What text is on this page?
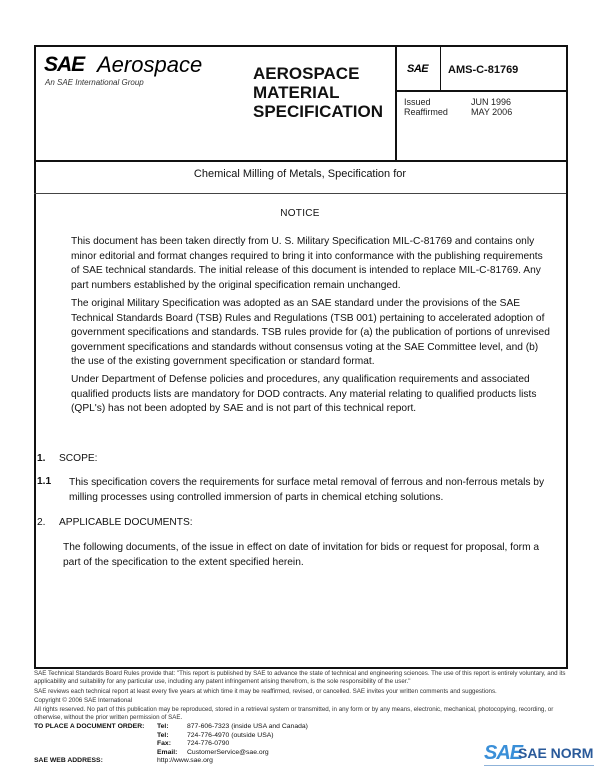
SAE Aerospace
An SAE International Group	AEROSPACE
MATERIAL
SPECIFICATION
SAE AMS-C-81769
Issued	JUN 1996
Reaffirmed	MAY 2006
Chemical Milling of Metals, Specification for
NOTICE
This document has been taken directly from U. S. Military Specification MIL-C-81769 and contains only minor editorial and format changes required to bring it into conformance with the publishing requirements of SAE technical standards. The initial release of this document is intended to replace MIL-C-81769. Any part numbers established by the original specification remain unchanged.
The original Military Specification was adopted as an SAE standard under the provisions of the SAE Technical Standards Board (TSB) Rules and Regulations (TSB 001) pertaining to accelerated adoption of government specifications and standards. TSB rules provide for (a) the publication of portions of unrevised government specifications and standards without consensus voting at the SAE Committee level, and (b) the use of the existing government specification or standard format.
Under Department of Defense policies and procedures, any qualification requirements and associated qualified products lists are mandatory for DOD contracts. Any material relating to qualified products lists (QPL's) has not been adopted by SAE and is not part of this technical report.
1. SCOPE:
1.1 This specification covers the requirements for surface metal removal of ferrous and non-ferrous metals by milling processes using controlled immersion of parts in chemical etching solutions.
2. APPLICABLE DOCUMENTS:
The following documents, of the issue in effect on date of invitation for bids or request for proposal, form a part of the specification to the extent specified herein.
SAE Technical Standards Board Rules provide that: "This report is published by SAE to advance the state of technical and engineering sciences. The use of this report is entirely voluntary, and its applicability and suitability for any particular use, including any patent infringement arising therefrom, is the sole responsibility of the user."
SAE reviews each technical report at least every five years at which time it may be reaffirmed, revised, or cancelled. SAE invites your written comments and suggestions.
Copyright © 2006 SAE International
All rights reserved. No part of this publication may be reproduced, stored in a retrieval system or transmitted, in any form or by any means, electronic, mechanical, photocopying, recording, or otherwise, without the prior written permission of SAE.
TO PLACE A DOCUMENT ORDER: Tel:	877-606-7323 (inside USA and Canada)
Tel:	724-776-4970 (outside USA)
Fax: 724-776-0790
Email: CustomerService@sae.org
SAE WEB ADDRESS:	http://www.sae.org	SAE
SAE NORM
